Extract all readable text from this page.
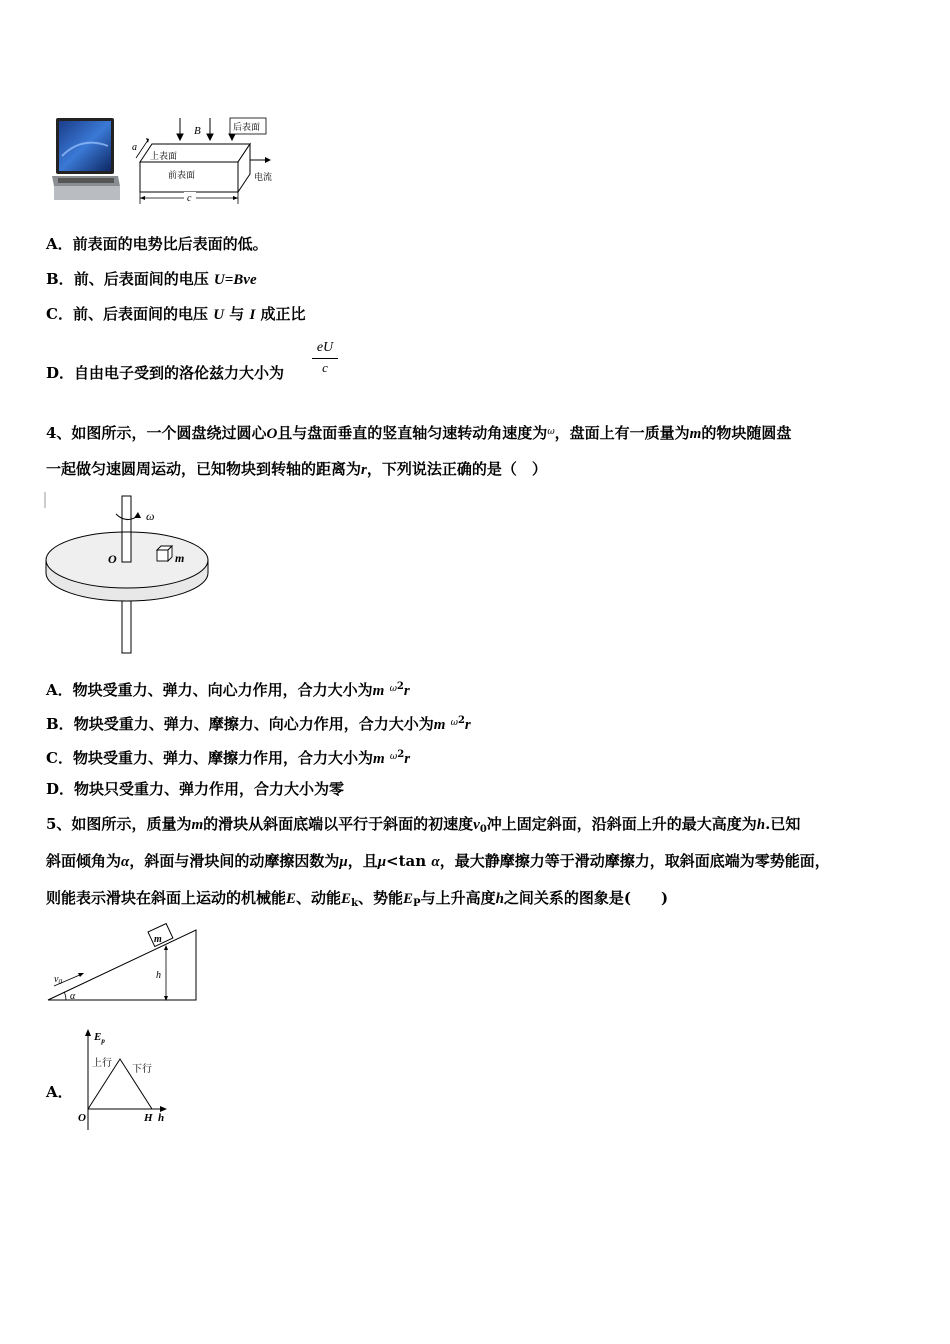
B	后表面
上表面
前表面	电流
a
c
A．前表面的电势比后表面的低。
B．前、后表面间的电压 U=Bve
C．前、后表面间的电压 U 与 I 成正比
D．自由电子受到的洛伦兹力大小为
eU
c
4、如图所示，一个圆盘绕过圆心O且与盘面垂直的竖直轴匀速转动角速度为$^\omega$，盘面上有一质量为m的物块随圆盘
一起做匀速圆周运动，已知物块到转轴的距离为r，下列说法正确的是（　）
ω
O	m
A．物块受重力、弹力、向心力作用，合力大小为m $^{\omega 2}$r
B．物块受重力、弹力、摩擦力、向心力作用，合力大小为m $^{\omega 2}$r
C．物块受重力、弹力、摩擦力作用，合力大小为m $^{\omega 2}$r
D．物块只受重力、弹力作用，合力大小为零
5、如图所示，质量为m的滑块从斜面底端以平行于斜面的初速度$v_0$冲上固定斜面，沿斜面上升的最大高度为h.已知
斜面倾角为α，斜面与滑块间的动摩擦因数为μ，且μ<tan α，最大静摩擦力等于滑动摩擦力，取斜面底端为零势能面，
则能表示滑块在斜面上运动的机械能E、动能$E_k$、势能$E_P$与上升高度h之间关系的图象是(　　)
m
$v_0$
h
α
A．
$E_p$
上行
下行
O	H h
